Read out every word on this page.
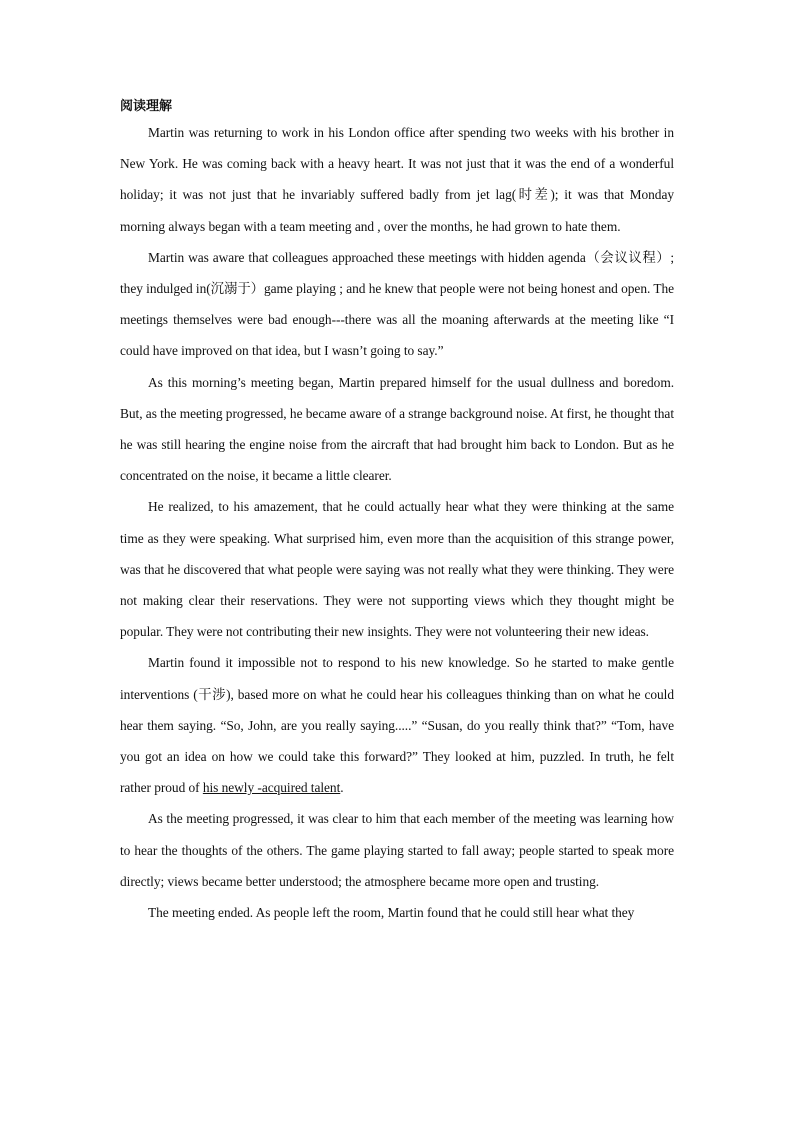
阅读理解

Martin was returning to work in his London office after spending two weeks with his brother in New York. He was coming back with a heavy heart. It was not just that it was the end of a wonderful holiday; it was not just that he invariably suffered badly from jet lag(时差); it was that Monday morning always began with a team meeting and , over the months, he had grown to hate them.

Martin was aware that colleagues approached these meetings with hidden agenda（会议议程）; they indulged in(沉溺于）game playing ; and he knew that people were not being honest and open. The meetings themselves were bad enough---there was all the moaning afterwards at the meeting like “I could have improved on that idea, but I wasn’t going to say.”

As this morning’s meeting began, Martin prepared himself for the usual dullness and boredom. But, as the meeting progressed, he became aware of a strange background noise. At first, he thought that he was still hearing the engine noise from the aircraft that had brought him back to London. But as he concentrated on the noise, it became a little clearer.

He realized, to his amazement, that he could actually hear what they were thinking at the same time as they were speaking. What surprised him, even more than the acquisition of this strange power, was that he discovered that what people were saying was not really what they were thinking. They were not making clear their reservations. They were not supporting views which they thought might be popular. They were not contributing their new insights. They were not volunteering their new ideas.

Martin found it impossible not to respond to his new knowledge. So he started to make gentle interventions (干涉), based more on what he could hear his colleagues thinking than on what he could hear them saying. “So, John, are you really saying.....” “Susan, do you really think that?” “Tom, have you got an idea on how we could take this forward?” They looked at him, puzzled. In truth, he felt rather proud of his newly -acquired talent.

As the meeting progressed, it was clear to him that each member of the meeting was learning how to hear the thoughts of the others. The game playing started to fall away; people started to speak more directly; views became better understood; the atmosphere became more open and trusting.

The meeting ended. As people left the room, Martin found that he could still hear what they
